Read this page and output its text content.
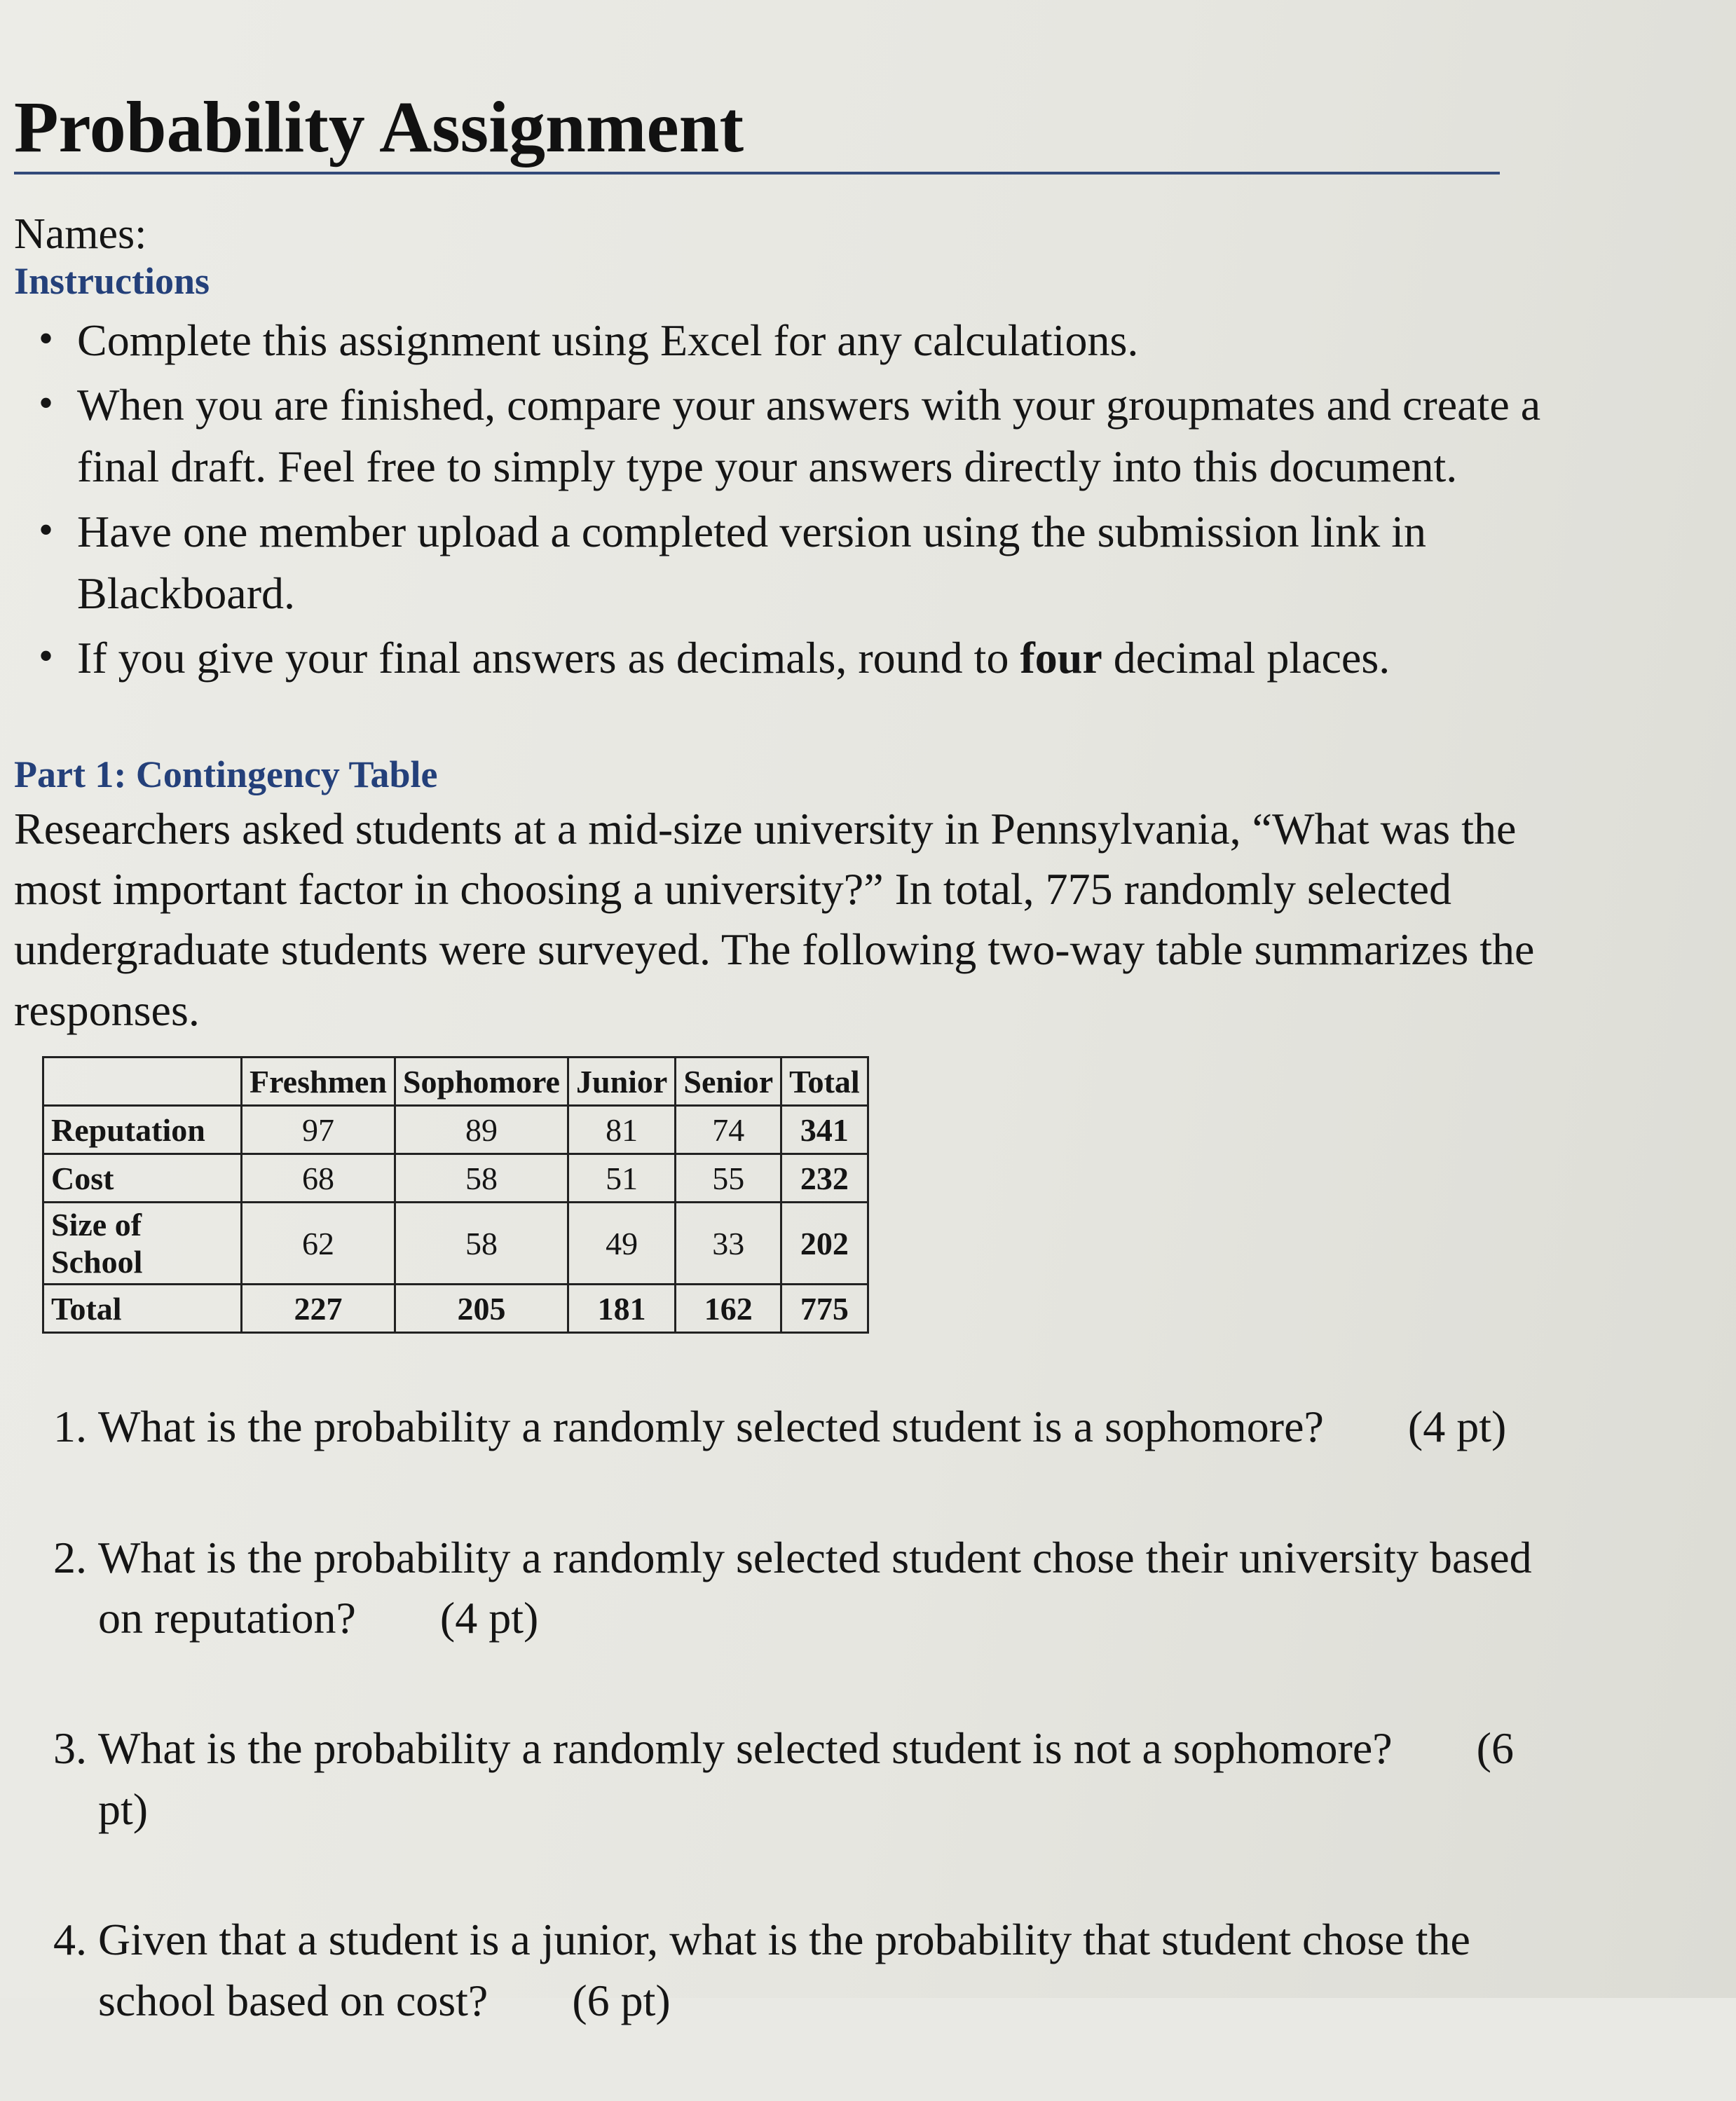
Probability Assignment
Names:
Instructions
• Complete this assignment using Excel for any calculations.
• When you are finished, compare your answers with your groupmates and create a final draft. Feel free to simply type your answers directly into this document.
• Have one member upload a completed version using the submission link in Blackboard.
• If you give your final answers as decimals, round to four decimal places.
Part 1: Contingency Table
Researchers asked students at a mid-size university in Pennsylvania, “What was the most important factor in choosing a university?” In total, 775 randomly selected undergraduate students were surveyed. The following two-way table summarizes the responses.
	Freshmen	Sophomore	Junior	Senior	Total
Reputation	97	89	81	74	341
Cost	68	58	51	55	232
Size of School	62	58	49	33	202
Total	227	205	181	162	775
1. What is the probability a randomly selected student is a sophomore? (4 pt)
2. What is the probability a randomly selected student chose their university based on reputation? (4 pt)
3. What is the probability a randomly selected student is not a sophomore? (6 pt)
4. Given that a student is a junior, what is the probability that student chose the school based on cost? (6 pt)
